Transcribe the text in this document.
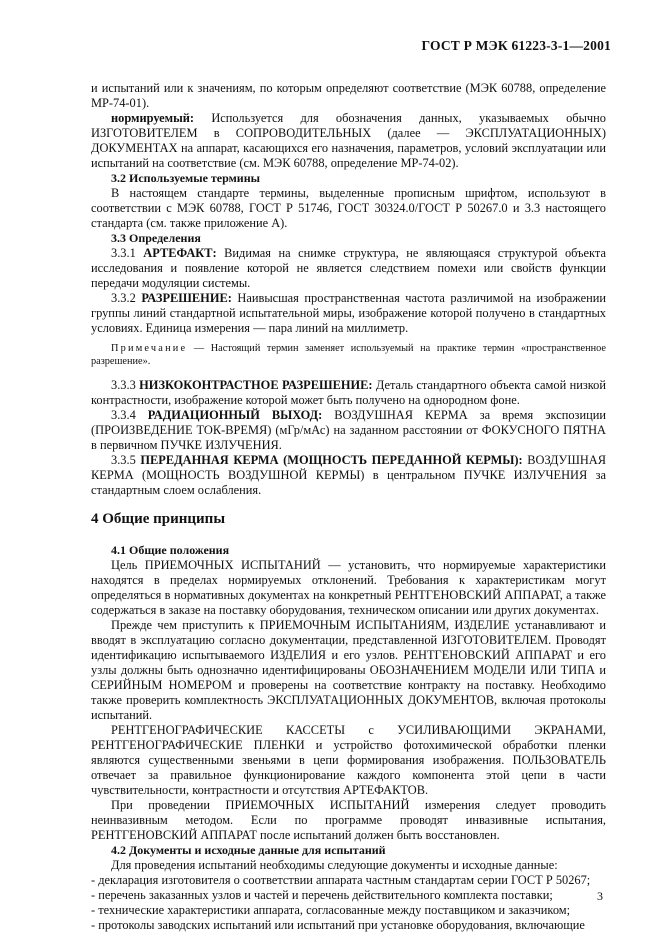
ГОСТ Р МЭК 61223-3-1—2001

и испытаний или к значениям, по которым определяют соответствие (МЭК 60788, определение МР-74-01).

нормируемый: Используется для обозначения данных, указываемых обычно ИЗГОТОВИТЕЛЕМ в СОПРОВОДИТЕЛЬНЫХ (далее — ЭКСПЛУАТАЦИОННЫХ) ДОКУМЕНТАХ на аппарат, касающихся его назначения, параметров, условий эксплуатации или испытаний на соответствие (см. МЭК 60788, определение МР-74-02).

3.2 Используемые термины

В настоящем стандарте термины, выделенные прописным шрифтом, используют в соответствии с МЭК 60788, ГОСТ Р 51746, ГОСТ 30324.0/ГОСТ Р 50267.0 и 3.3 настоящего стандарта (см. также приложение А).

3.3 Определения

3.3.1 АРТЕФАКТ: Видимая на снимке структура, не являющаяся структурой объекта исследования и появление которой не является следствием помехи или свойств функции передачи модуляции системы.

3.3.2 РАЗРЕШЕНИЕ: Наивысшая пространственная частота различимой на изображении группы линий стандартной испытательной миры, изображение которой получено в стандартных условиях. Единица измерения — пара линий на миллиметр.

Примечание — Настоящий термин заменяет используемый на практике термин «пространственное разрешение».

3.3.3 НИЗКОКОНТРАСТНОЕ РАЗРЕШЕНИЕ: Деталь стандартного объекта самой низкой контрастности, изображение которой может быть получено на однородном фоне.

3.3.4 РАДИАЦИОННЫЙ ВЫХОД: ВОЗДУШНАЯ КЕРМА за время экспозиции (ПРОИЗВЕДЕНИЕ ТОК-ВРЕМЯ) (мГр/мАс) на заданном расстоянии от ФОКУСНОГО ПЯТНА в первичном ПУЧКЕ ИЗЛУЧЕНИЯ.

3.3.5 ПЕРЕДАННАЯ КЕРМА (МОЩНОСТЬ ПЕРЕДАННОЙ КЕРМЫ): ВОЗДУШНАЯ КЕРМА (МОЩНОСТЬ ВОЗДУШНОЙ КЕРМЫ) в центральном ПУЧКЕ ИЗЛУЧЕНИЯ за стандартным слоем ослабления.

4 Общие принципы

4.1 Общие положения

Цель ПРИЕМОЧНЫХ ИСПЫТАНИЙ — установить, что нормируемые характеристики находятся в пределах нормируемых отклонений. Требования к характеристикам могут определяться в нормативных документах на конкретный РЕНТГЕНОВСКИЙ АППАРАТ, а также содержаться в заказе на поставку оборудования, техническом описании или других документах.

Прежде чем приступить к ПРИЕМОЧНЫМ ИСПЫТАНИЯМ, ИЗДЕЛИЕ устанавливают и вводят в эксплуатацию согласно документации, представленной ИЗГОТОВИТЕЛЕМ. Проводят идентификацию испытываемого ИЗДЕЛИЯ и его узлов. РЕНТГЕНОВСКИЙ АППАРАТ и его узлы должны быть однозначно идентифицированы ОБОЗНАЧЕНИЕМ МОДЕЛИ ИЛИ ТИПА и СЕРИЙНЫМ НОМЕРОМ и проверены на соответствие контракту на поставку. Необходимо также проверить комплектность ЭКСПЛУАТАЦИОННЫХ ДОКУМЕНТОВ, включая протоколы испытаний.

РЕНТГЕНОГРАФИЧЕСКИЕ КАССЕТЫ с УСИЛИВАЮЩИМИ ЭКРАНАМИ, РЕНТГЕНОГРАФИЧЕСКИЕ ПЛЕНКИ и устройство фотохимической обработки пленки являются существенными звеньями в цепи формирования изображения. ПОЛЬЗОВАТЕЛЬ отвечает за правильное функционирование каждого компонента этой цепи в части чувствительности, контрастности и отсутствия АРТЕФАКТОВ.

При проведении ПРИЕМОЧНЫХ ИСПЫТАНИЙ измерения следует проводить неинвазивным методом. Если по программе проводят инвазивные испытания, РЕНТГЕНОВСКИЙ АППАРАТ после испытаний должен быть восстановлен.

4.2 Документы и исходные данные для испытаний

Для проведения испытаний необходимы следующие документы и исходные данные:

- декларация изготовителя о соответствии аппарата частным стандартам серии ГОСТ Р 50267;

- перечень заказанных узлов и частей и перечень действительного комплекта поставки;

- технические характеристики аппарата, согласованные между поставщиком и заказчиком;

- протоколы заводских испытаний или испытаний при установке оборудования, включающие

3
